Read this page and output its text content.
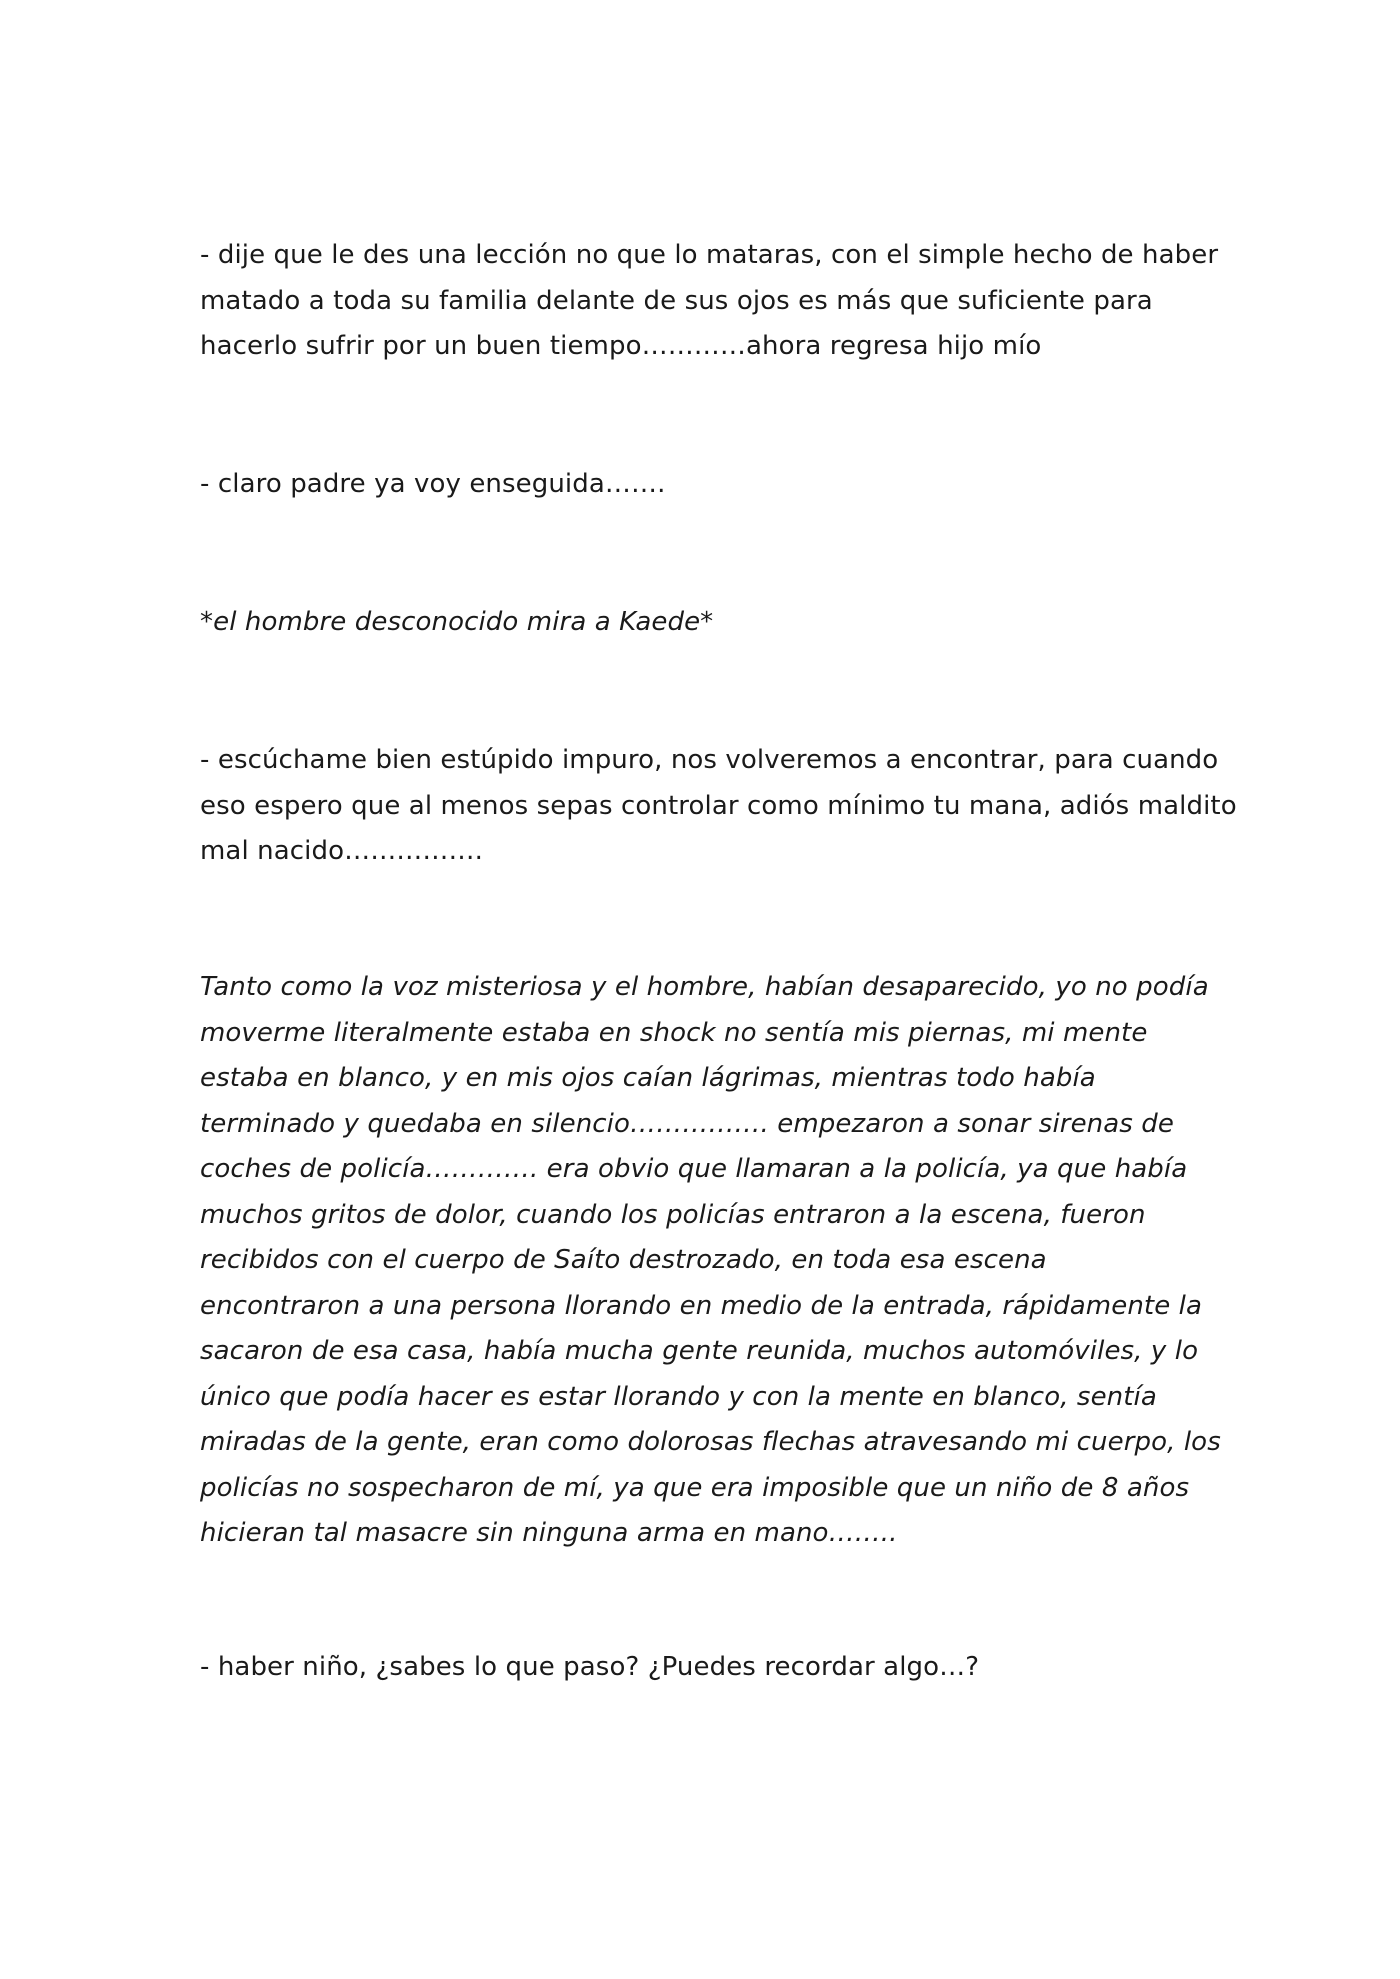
- dije que le des una lección no que lo mataras, con el simple hecho de haber
matado a toda su familia delante de sus ojos es más que suficiente para
hacerlo sufrir por un buen tiempo…………ahora regresa hijo mío

- claro padre ya voy enseguida…….

*el hombre desconocido mira a Kaede*

- escúchame bien estúpido impuro, nos volveremos a encontrar, para cuando
eso espero que al menos sepas controlar como mínimo tu mana, adiós maldito
mal nacido…………….

Tanto como la voz misteriosa y el hombre, habían desaparecido, yo no podía
moverme literalmente estaba en shock no sentía mis piernas, mi mente
estaba en blanco, y en mis ojos caían lágrimas, mientras todo había
terminado y quedaba en silencio……………. empezaron a sonar sirenas de
coches de policía…………. era obvio que llamaran a la policía, ya que había
muchos gritos de dolor, cuando los policías entraron a la escena, fueron
recibidos con el cuerpo de Saíto destrozado, en toda esa escena
encontraron a una persona llorando en medio de la entrada, rápidamente la
sacaron de esa casa, había mucha gente reunida, muchos automóviles, y lo
único que podía hacer es estar llorando y con la mente en blanco, sentía
miradas de la gente, eran como dolorosas flechas atravesando mi cuerpo, los
policías no sospecharon de mí, ya que era imposible que un niño de 8 años
hicieran tal masacre sin ninguna arma en mano……..

- haber niño, ¿sabes lo que paso? ¿Puedes recordar algo…?
